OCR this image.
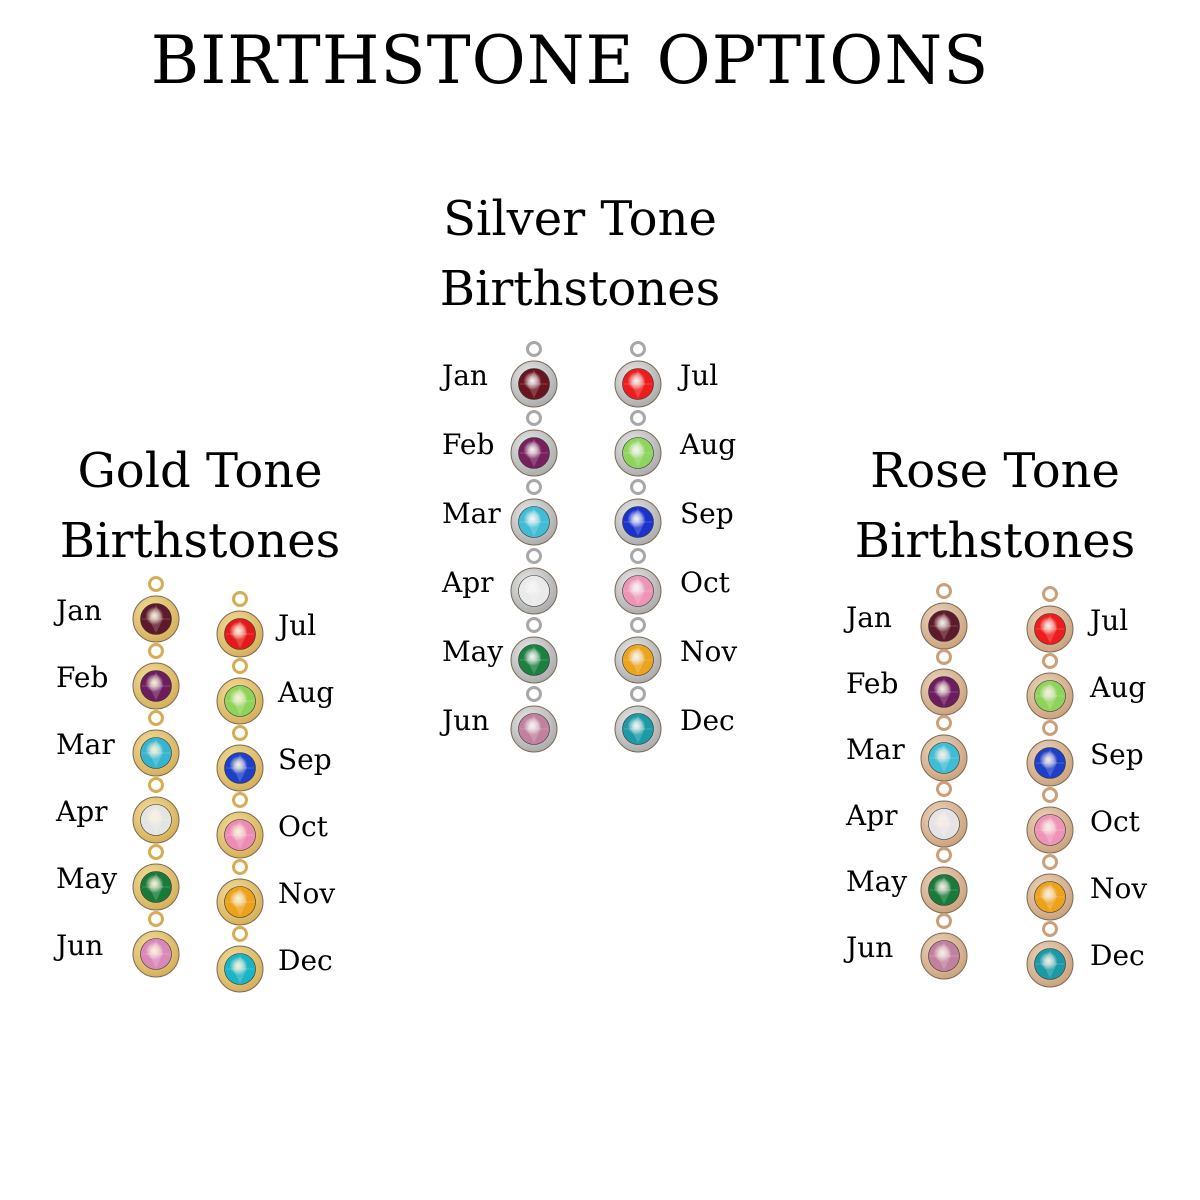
BIRTHSTONE OPTIONS
Gold Tone
Birthstones
Silver Tone
Birthstones
Rose Tone
Birthstones
Jan
Feb
Mar
Apr
May
Jun
Jul
Aug
Sep
Oct
Nov
Dec
Jan
Feb
Mar
Apr
May
Jun
Jul
Aug
Sep
Oct
Nov
Dec
Jan
Feb
Mar
Apr
May
Jun
Jul
Aug
Sep
Oct
Nov
Dec
